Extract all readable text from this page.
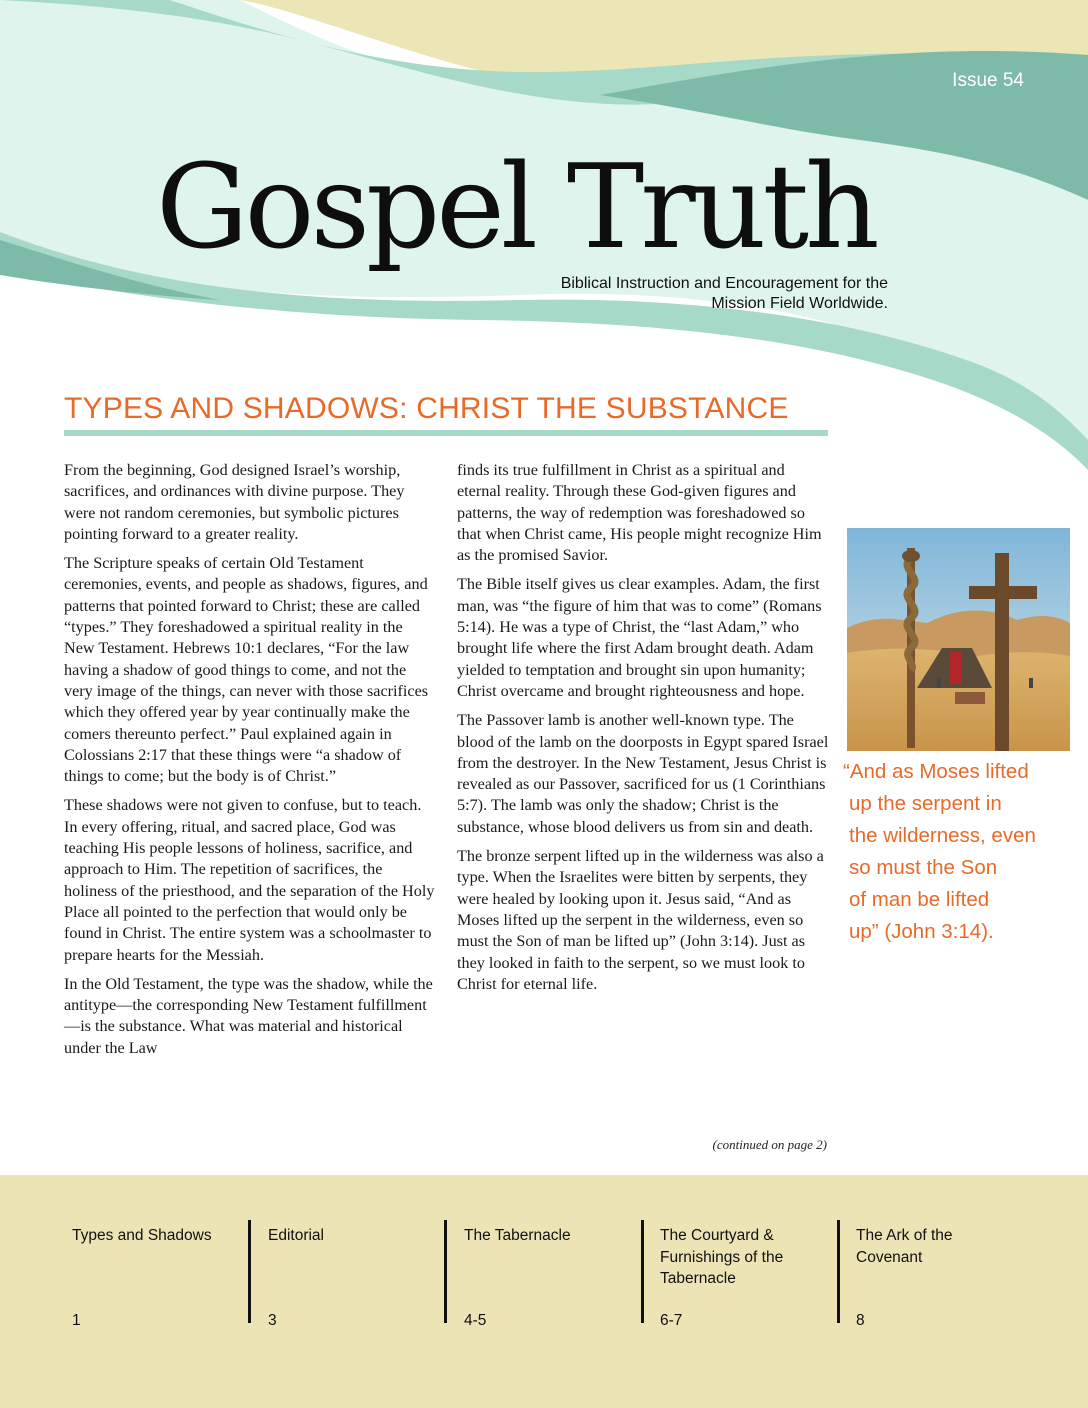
Issue 54
Gospel Truth
Biblical Instruction and Encouragement for the
Mission Field Worldwide.
TYPES AND SHADOWS: CHRIST THE SUBSTANCE

From the beginning, God designed Israel’s worship, sacrifices, and ordinances with divine purpose. They were not random ceremonies, but symbolic pictures pointing forward to a greater reality.

The Scripture speaks of certain Old Testament ceremonies, events, and people as shadows, figures, and patterns that pointed forward to Christ; these are called “types.” They foreshadowed a spiritual reality in the New Testament. Hebrews 10:1 declares, “For the law having a shadow of good things to come, and not the very image of the things, can never with those sacrifices which they offered year by year continually make the comers thereunto perfect.” Paul explained again in Colossians 2:17 that these things were “a shadow of things to come; but the body is of Christ.”

These shadows were not given to confuse, but to teach. In every offering, ritual, and sacred place, God was teaching His people lessons of holiness, sacrifice, and approach to Him. The repetition of sacrifices, the holiness of the priesthood, and the separation of the Holy Place all pointed to the perfection that would only be found in Christ. The entire system was a schoolmaster to prepare hearts for the Messiah.

In the Old Testament, the type was the shadow, while the antitype—the corresponding New Testament fulfillment—is the substance. What was material and historical under the Law

finds its true fulfillment in Christ as a spiritual and eternal reality. Through these God-given figures and patterns, the way of redemption was foreshadowed so that when Christ came, His people might recognize Him as the promised Savior.

The Bible itself gives us clear examples. Adam, the first man, was “the figure of him that was to come” (Romans 5:14). He was a type of Christ, the “last Adam,” who brought life where the first Adam brought death. Adam yielded to temptation and brought sin upon humanity; Christ overcame and brought righteousness and hope.

The Passover lamb is another well-known type. The blood of the lamb on the doorposts in Egypt spared Israel from the destroyer. In the New Testament, Jesus Christ is revealed as our Passover, sacrificed for us (1 Corinthians 5:7). The lamb was only the shadow; Christ is the substance, whose blood delivers us from sin and death.

The bronze serpent lifted up in the wilderness was also a type. When the Israelites were bitten by serpents, they were healed by looking upon it. Jesus said, “And as Moses lifted up the serpent in the wilderness, even so must the Son of man be lifted up” (John 3:14). Just as they looked in faith to the serpent, so we must look to Christ for eternal life.

(continued on page 2)
“And as Moses lifted
up the serpent in
the wilderness, even
so must the Son
of man be lifted
up” (John 3:14).
Types and Shadows
1
Editorial
3
The Tabernacle
4-5
The Courtyard & Furnishings of the Tabernacle
6-7
The Ark of the Covenant
8
